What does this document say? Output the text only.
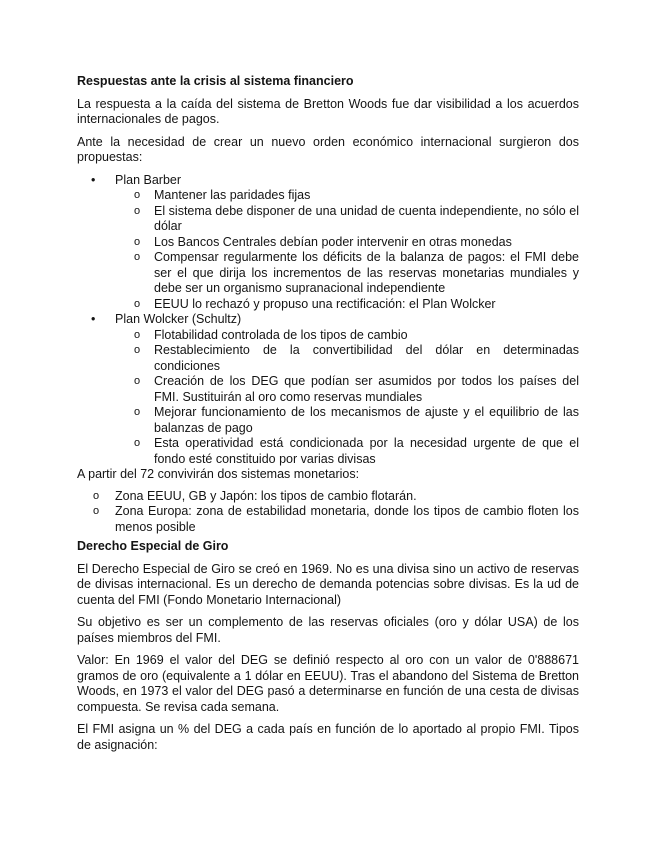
Respuestas ante la crisis al sistema financiero

La respuesta a la caída del sistema de Bretton Woods fue dar visibilidad a los acuerdos internacionales de pagos.

Ante la necesidad de crear un nuevo orden económico internacional surgieron dos propuestas:

• Plan Barber
o Mantener las paridades fijas
o El sistema debe disponer de una unidad de cuenta independiente, no sólo el dólar
o Los Bancos Centrales debían poder intervenir en otras monedas
o Compensar regularmente los déficits de la balanza de pagos: el FMI debe ser el que dirija los incrementos de las reservas monetarias mundiales y debe ser un organismo supranacional independiente
o EEUU lo rechazó y propuso una rectificación: el Plan Wolcker
• Plan Wolcker (Schultz)
o Flotabilidad controlada de los tipos de cambio
o Restablecimiento de la convertibilidad del dólar en determinadas condiciones
o Creación de los DEG que podían ser asumidos por todos los países del FMI. Sustituirán al oro como reservas mundiales
o Mejorar funcionamiento de los mecanismos de ajuste y el equilibrio de las balanzas de pago
o Esta operatividad está condicionada por la necesidad urgente de que el fondo esté constituido por varias divisas
A partir del 72 convivirán dos sistemas monetarios:
o Zona EEUU, GB y Japón: los tipos de cambio flotarán.
o Zona Europa: zona de estabilidad monetaria, donde los tipos de cambio floten los menos posible
Derecho Especial de Giro

El Derecho Especial de Giro se creó en 1969. No es una divisa sino un activo de reservas de divisas internacional. Es un derecho de demanda potencias sobre divisas. Es la ud de cuenta del FMI (Fondo Monetario Internacional)

Su objetivo es ser un complemento de las reservas oficiales (oro y dólar USA) de los países miembros del FMI.

Valor: En 1969 el valor del DEG se definió respecto al oro con un valor de 0'888671 gramos de oro (equivalente a 1 dólar en EEUU). Tras el abandono del Sistema de Bretton Woods, en 1973 el valor del DEG pasó a determinarse en función de una cesta de divisas compuesta. Se revisa cada semana.

El FMI asigna un % del DEG a cada país en función de lo aportado al propio FMI. Tipos de asignación:
